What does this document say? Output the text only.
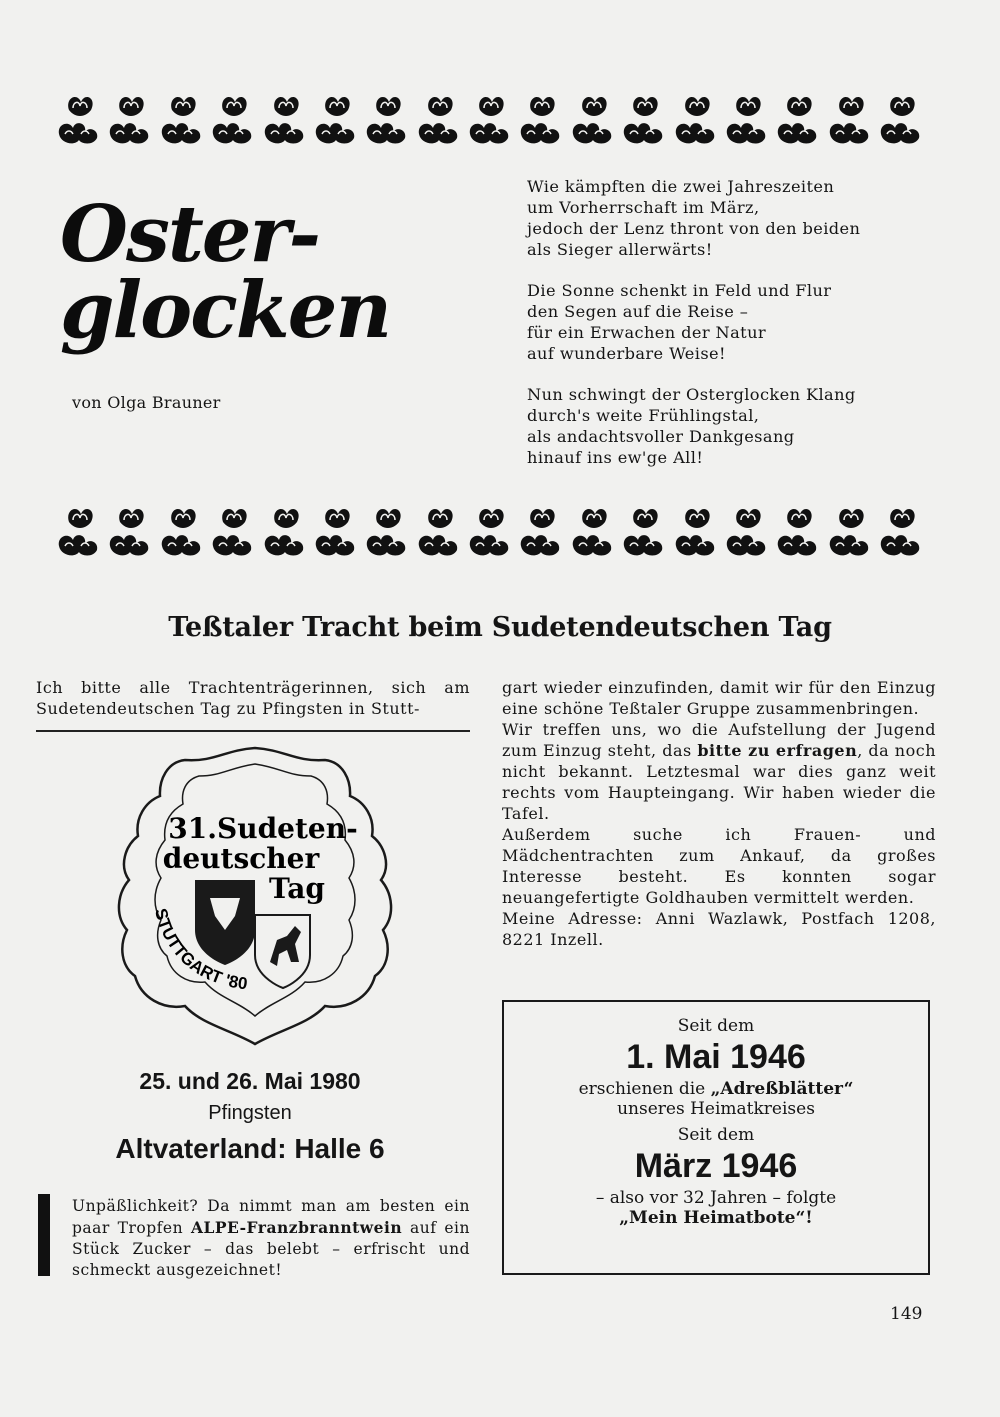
Oster-
glocken
von Olga Brauner

Wie kämpften die zwei Jahreszeiten
um Vorherrschaft im März,
jedoch der Lenz thront von den beiden
als Sieger allerwärts!

Die Sonne schenkt in Feld und Flur
den Segen auf die Reise –
für ein Erwachen der Natur
auf wunderbare Weise!

Nun schwingt der Osterglocken Klang
durch's weite Frühlingstal,
als andachtsvoller Dankgesang
hinauf ins ew'ge All!

Teßtaler Tracht beim Sudetendeutschen Tag

Ich bitte alle Trachtenträgerinnen, sich am Sudetendeutschen Tag zu Pfingsten in Stutt-

31.Sudeten-
deutscher
Tag
STUTTGART '80
25. und 26. Mai 1980
Pfingsten
Altvaterland: Halle 6

Unpäßlichkeit? Da nimmt man am besten ein paar Tropfen ALPE-Franzbranntwein auf ein Stück Zucker – das belebt – erfrischt und schmeckt ausgezeichnet!

gart wieder einzufinden, damit wir für den Einzug eine schöne Teßtaler Gruppe zusammenbringen.

Wir treffen uns, wo die Aufstellung der Jugend zum Einzug steht, das bitte zu erfragen, da noch nicht bekannt. Letztesmal war dies ganz weit rechts vom Haupteingang. Wir haben wieder die Tafel.

Außerdem suche ich Frauen- und Mädchentrachten zum Ankauf, da großes Interesse besteht. Es konnten sogar neuangefertigte Goldhauben vermittelt werden.

Meine Adresse: Anni Wazlawk, Postfach 1208, 8221 Inzell.

Seit dem
1. Mai 1946
erschienen die „Adreßblätter“
unseres Heimatkreises
Seit dem
März 1946
– also vor 32 Jahren – folgte
„Mein Heimatbote“!
149
